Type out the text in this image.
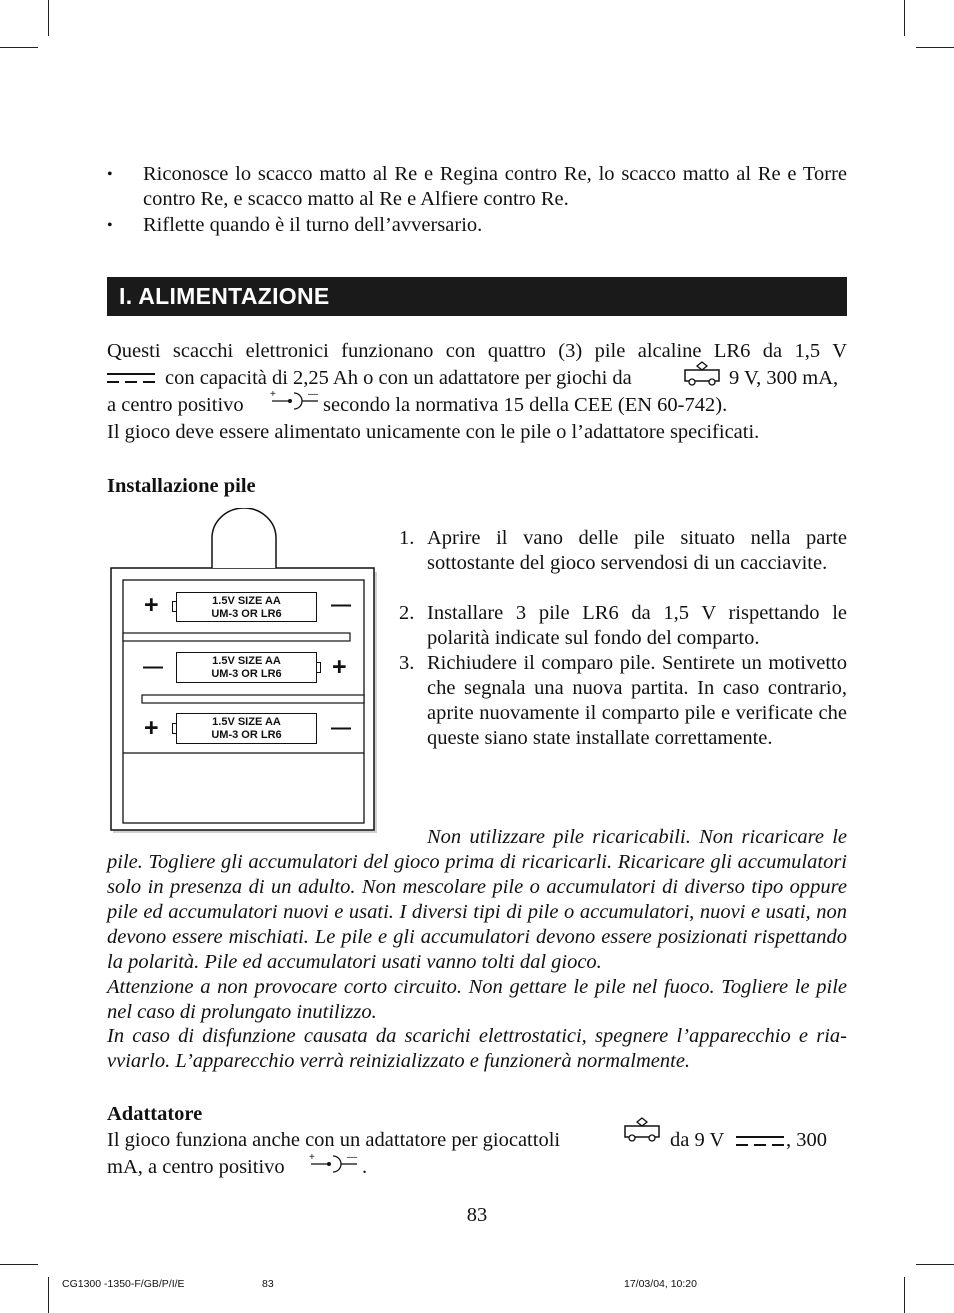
• Riconosce lo scacco matto al Re e Regina contro Re, lo scacco matto al Re e Torre contro Re, e scacco matto al Re e Alfiere contro Re.
• Riflette quando è il turno dell’avversario.
I. ALIMENTAZIONE
Questi scacchi elettronici funzionano con quattro (3) pile alcaline LR6 da 1,5 V
con capacità di 2,25 Ah o con un adattatore per giochi da	9 V, 300 mA,
a centro positivo	+	— secondo la normativa 15 della CEE (EN 60-742).
Il gioco deve essere alimentato unicamente con le pile o l’adattatore specificati.
Installazione pile
1.5V SIZE AA
UM-3 OR LR6
+	—
1.5V SIZE AA
UM-3 OR LR6
—	+
1.5V SIZE AA
UM-3 OR LR6
+	—
1. Aprire il vano delle pile situato nella parte sottostante del gioco servendosi di un cacciavite.
2. Installare 3 pile LR6 da 1,5 V rispettando le polarità indicate sul fondo del comparto.
3. Richiudere il comparo pile. Sentirete un motivetto che segnala una nuova partita. In caso contrario, aprite nuovamente il comparto pile e verificate che queste siano state installate correttamente.
Non utilizzare pile ricaricabili. Non ricaricare le pile. Togliere gli accumulatori del gioco prima di ricaricarli. Ricaricare gli accumulatori solo in presenza di un adulto. Non mescolare pile o accumulatori di diverso tipo oppure pile ed accumulatori nuovi e usati. I diversi tipi di pile o accumulatori, nuovi e usati, non devono essere mischiati. Le pile e gli accumulatori devono essere posizionati rispettando la polarità. Pile ed accumulatori usati vanno tolti dal gioco.
Attenzione a non provocare corto circuito. Non gettare le pile nel fuoco. Togliere le pile nel caso di prolungato inutilizzo.
In caso di disfunzione causata da scarichi elettrostatici, spegnere l’apparecchio e ria-vviarlo. L’apparecchio verrà reinizializzato e funzionerà normalmente.
Adattatore
Il gioco funziona anche con un adattatore per giocattoli	da 9 V	, 300
mA, a centro positivo +	— .
83
CG1300 -1350-F/GB/P/I/E	83	17/03/04, 10:20
